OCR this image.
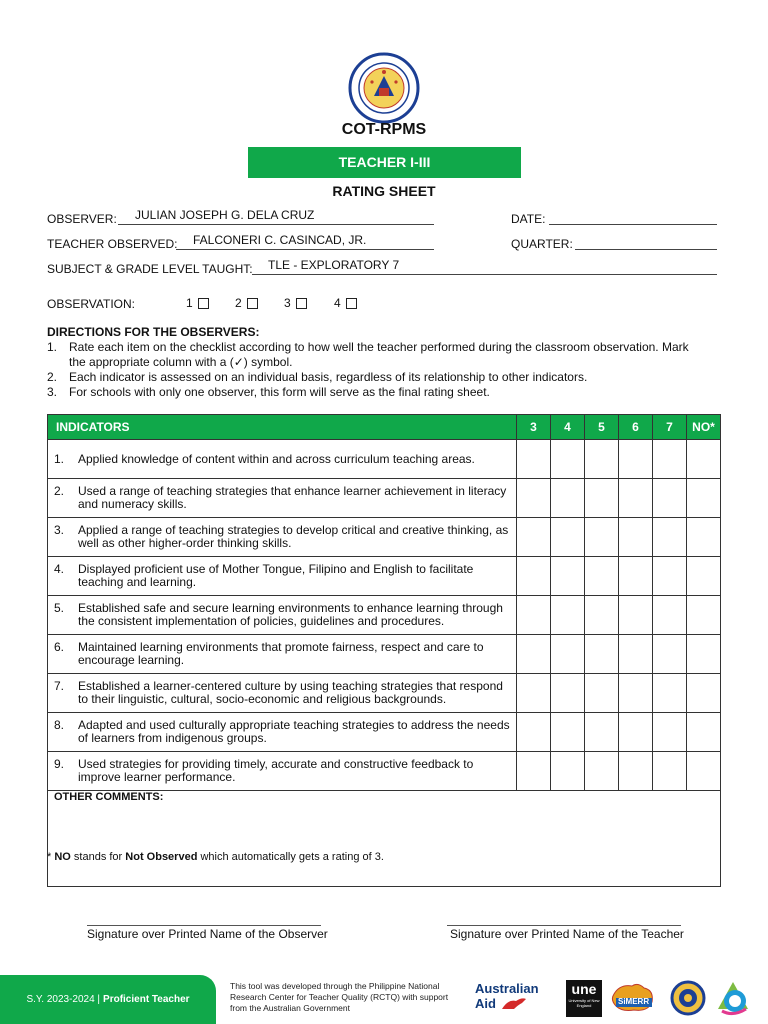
COT-RPMS
TEACHER I-III
RATING SHEET
OBSERVER: JULIAN JOSEPH G. DELA CRUZ	DATE:
TEACHER OBSERVED: FALCONERI C. CASINCAD, JR.	QUARTER:
SUBJECT & GRADE LEVEL TAUGHT: TLE - EXPLORATORY 7
OBSERVATION:	1	2	3	4
DIRECTIONS FOR THE OBSERVERS:
1. Rate each item on the checklist according to how well the teacher performed during the classroom observation. Mark the appropriate column with a (✓) symbol.
2. Each indicator is assessed on an individual basis, regardless of its relationship to other indicators.
3. For schools with only one observer, this form will serve as the final rating sheet.
INDICATORS	3	4	5	6	7	NO*

1. Applied knowledge of content within and across curriculum teaching areas.						

2. Used a range of teaching strategies that enhance learner achievement in literacy and numeracy skills.						

3. Applied a range of teaching strategies to develop critical and creative thinking, as well as other higher-order thinking skills.						

4. Displayed proficient use of Mother Tongue, Filipino and English to facilitate teaching and learning.						

5. Established safe and secure learning environments to enhance learning through the consistent implementation of policies, guidelines and procedures.						

6. Maintained learning environments that promote fairness, respect and care to encourage learning.						

7. Established a learner-centered culture by using teaching strategies that respond to their linguistic, cultural, socio-economic and religious backgrounds.						

8. Adapted and used culturally appropriate teaching strategies to address the needs of learners from indigenous groups.						

9. Used strategies for providing timely, accurate and constructive feedback to improve learner performance.						

OTHER COMMENTS:						
* NO stands for Not Observed which automatically gets a rating of 3.
Signature over Printed Name of the Observer	Signature over Printed Name of the Teacher
S.Y. 2023-2024 | Proficient Teacher
This tool was developed through the Philippine National Research Center for Teacher Quality (RCTQ) with support from the Australian Government
Australian
Aid
une
University of New England	SiMERR
